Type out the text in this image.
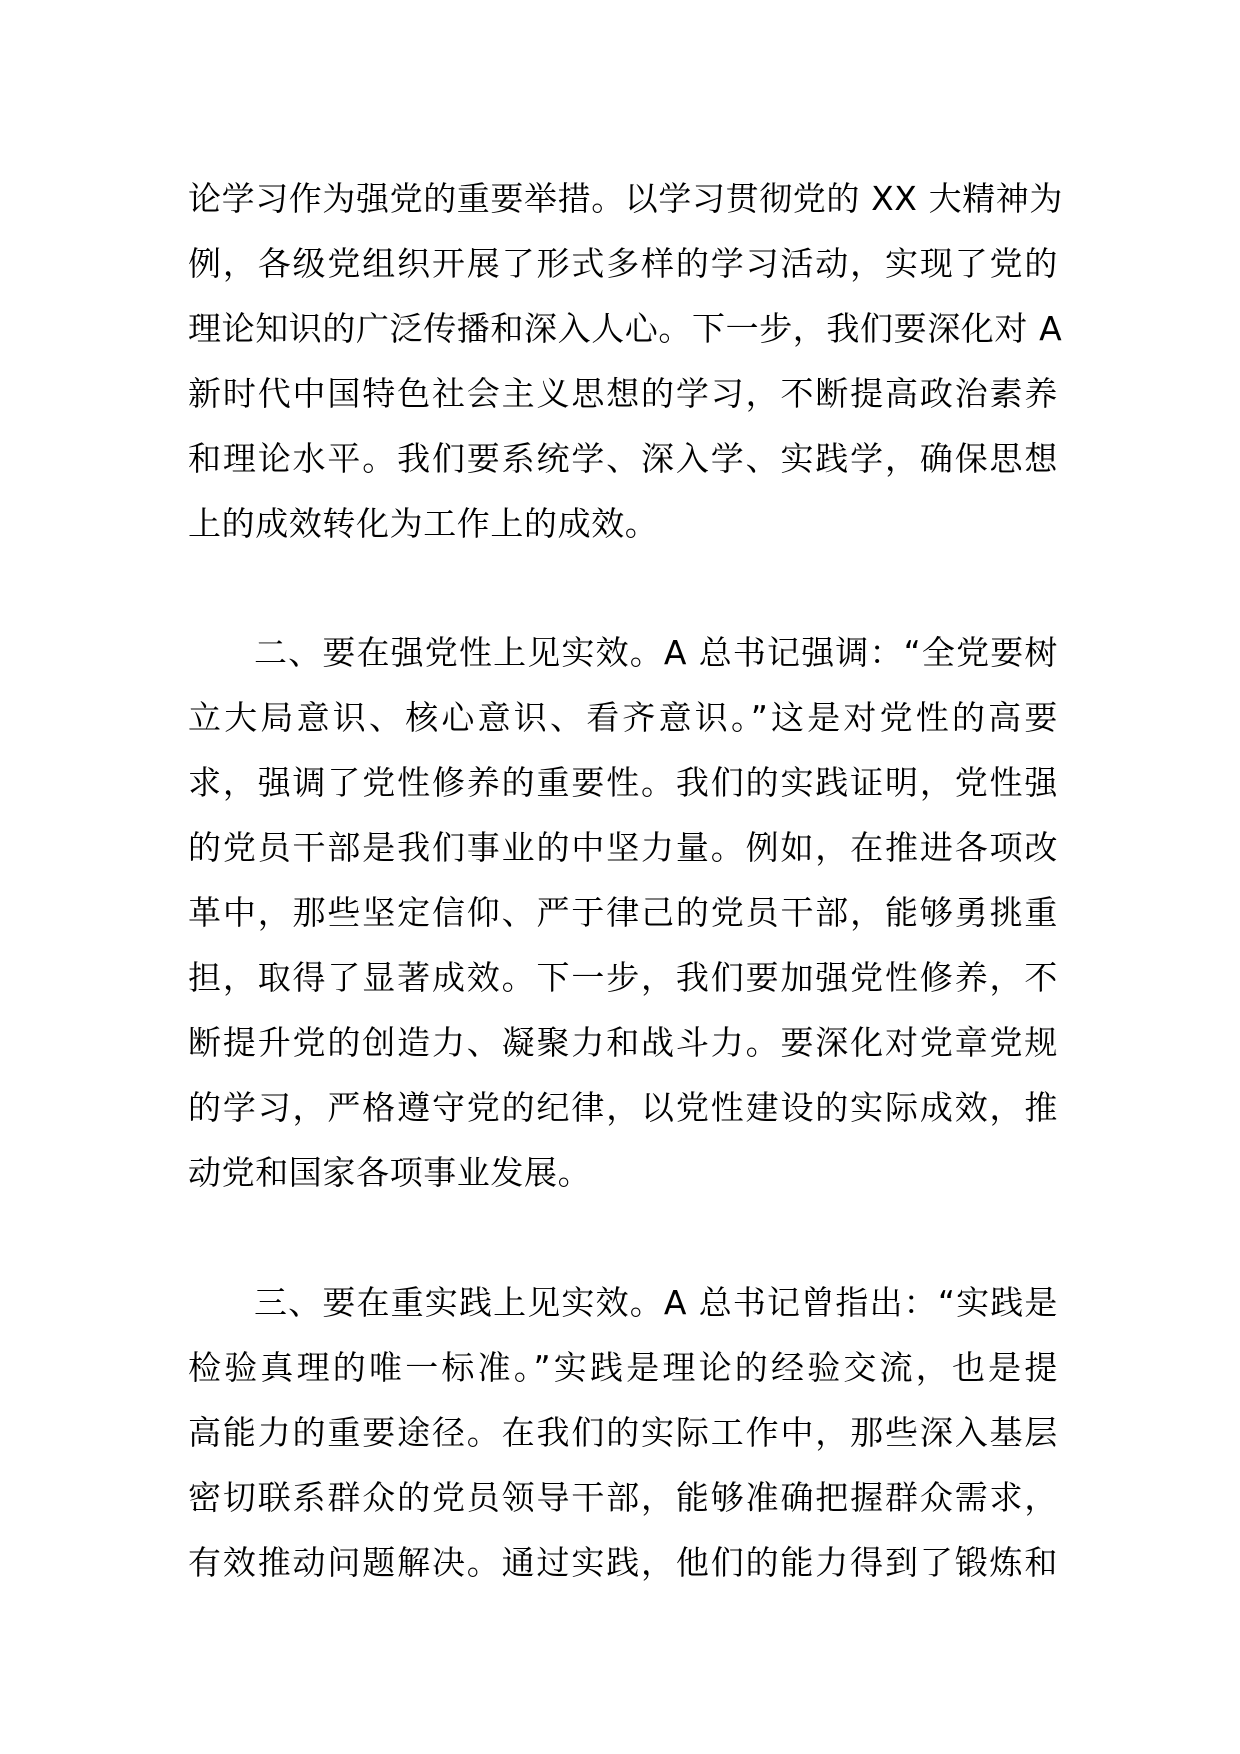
论学习作为强党的重要举措。以学习贯彻党的 XX 大精神为
例，各级党组织开展了形式多样的学习活动，实现了党的
理论知识的广泛传播和深入人心。下一步，我们要深化对 A
新时代中国特色社会主义思想的学习，不断提高政治素养
和理论水平。我们要系统学、深入学、实践学，确保思想
上的成效转化为工作上的成效。
二、要在强党性上见实效。A 总书记强调：“全党要树
立大局意识、核心意识、看齐意识。”这是对党性的高要
求，强调了党性修养的重要性。我们的实践证明，党性强
的党员干部是我们事业的中坚力量。例如，在推进各项改
革中，那些坚定信仰、严于律己的党员干部，能够勇挑重
担，取得了显著成效。下一步，我们要加强党性修养，不
断提升党的创造力、凝聚力和战斗力。要深化对党章党规
的学习，严格遵守党的纪律，以党性建设的实际成效，推
动党和国家各项事业发展。
三、要在重实践上见实效。A 总书记曾指出：“实践是
检验真理的唯一标准。”实践是理论的经验交流，也是提
高能力的重要途径。在我们的实际工作中，那些深入基层
密切联系群众的党员领导干部，能够准确把握群众需求，
有效推动问题解决。通过实践，他们的能力得到了锻炼和
